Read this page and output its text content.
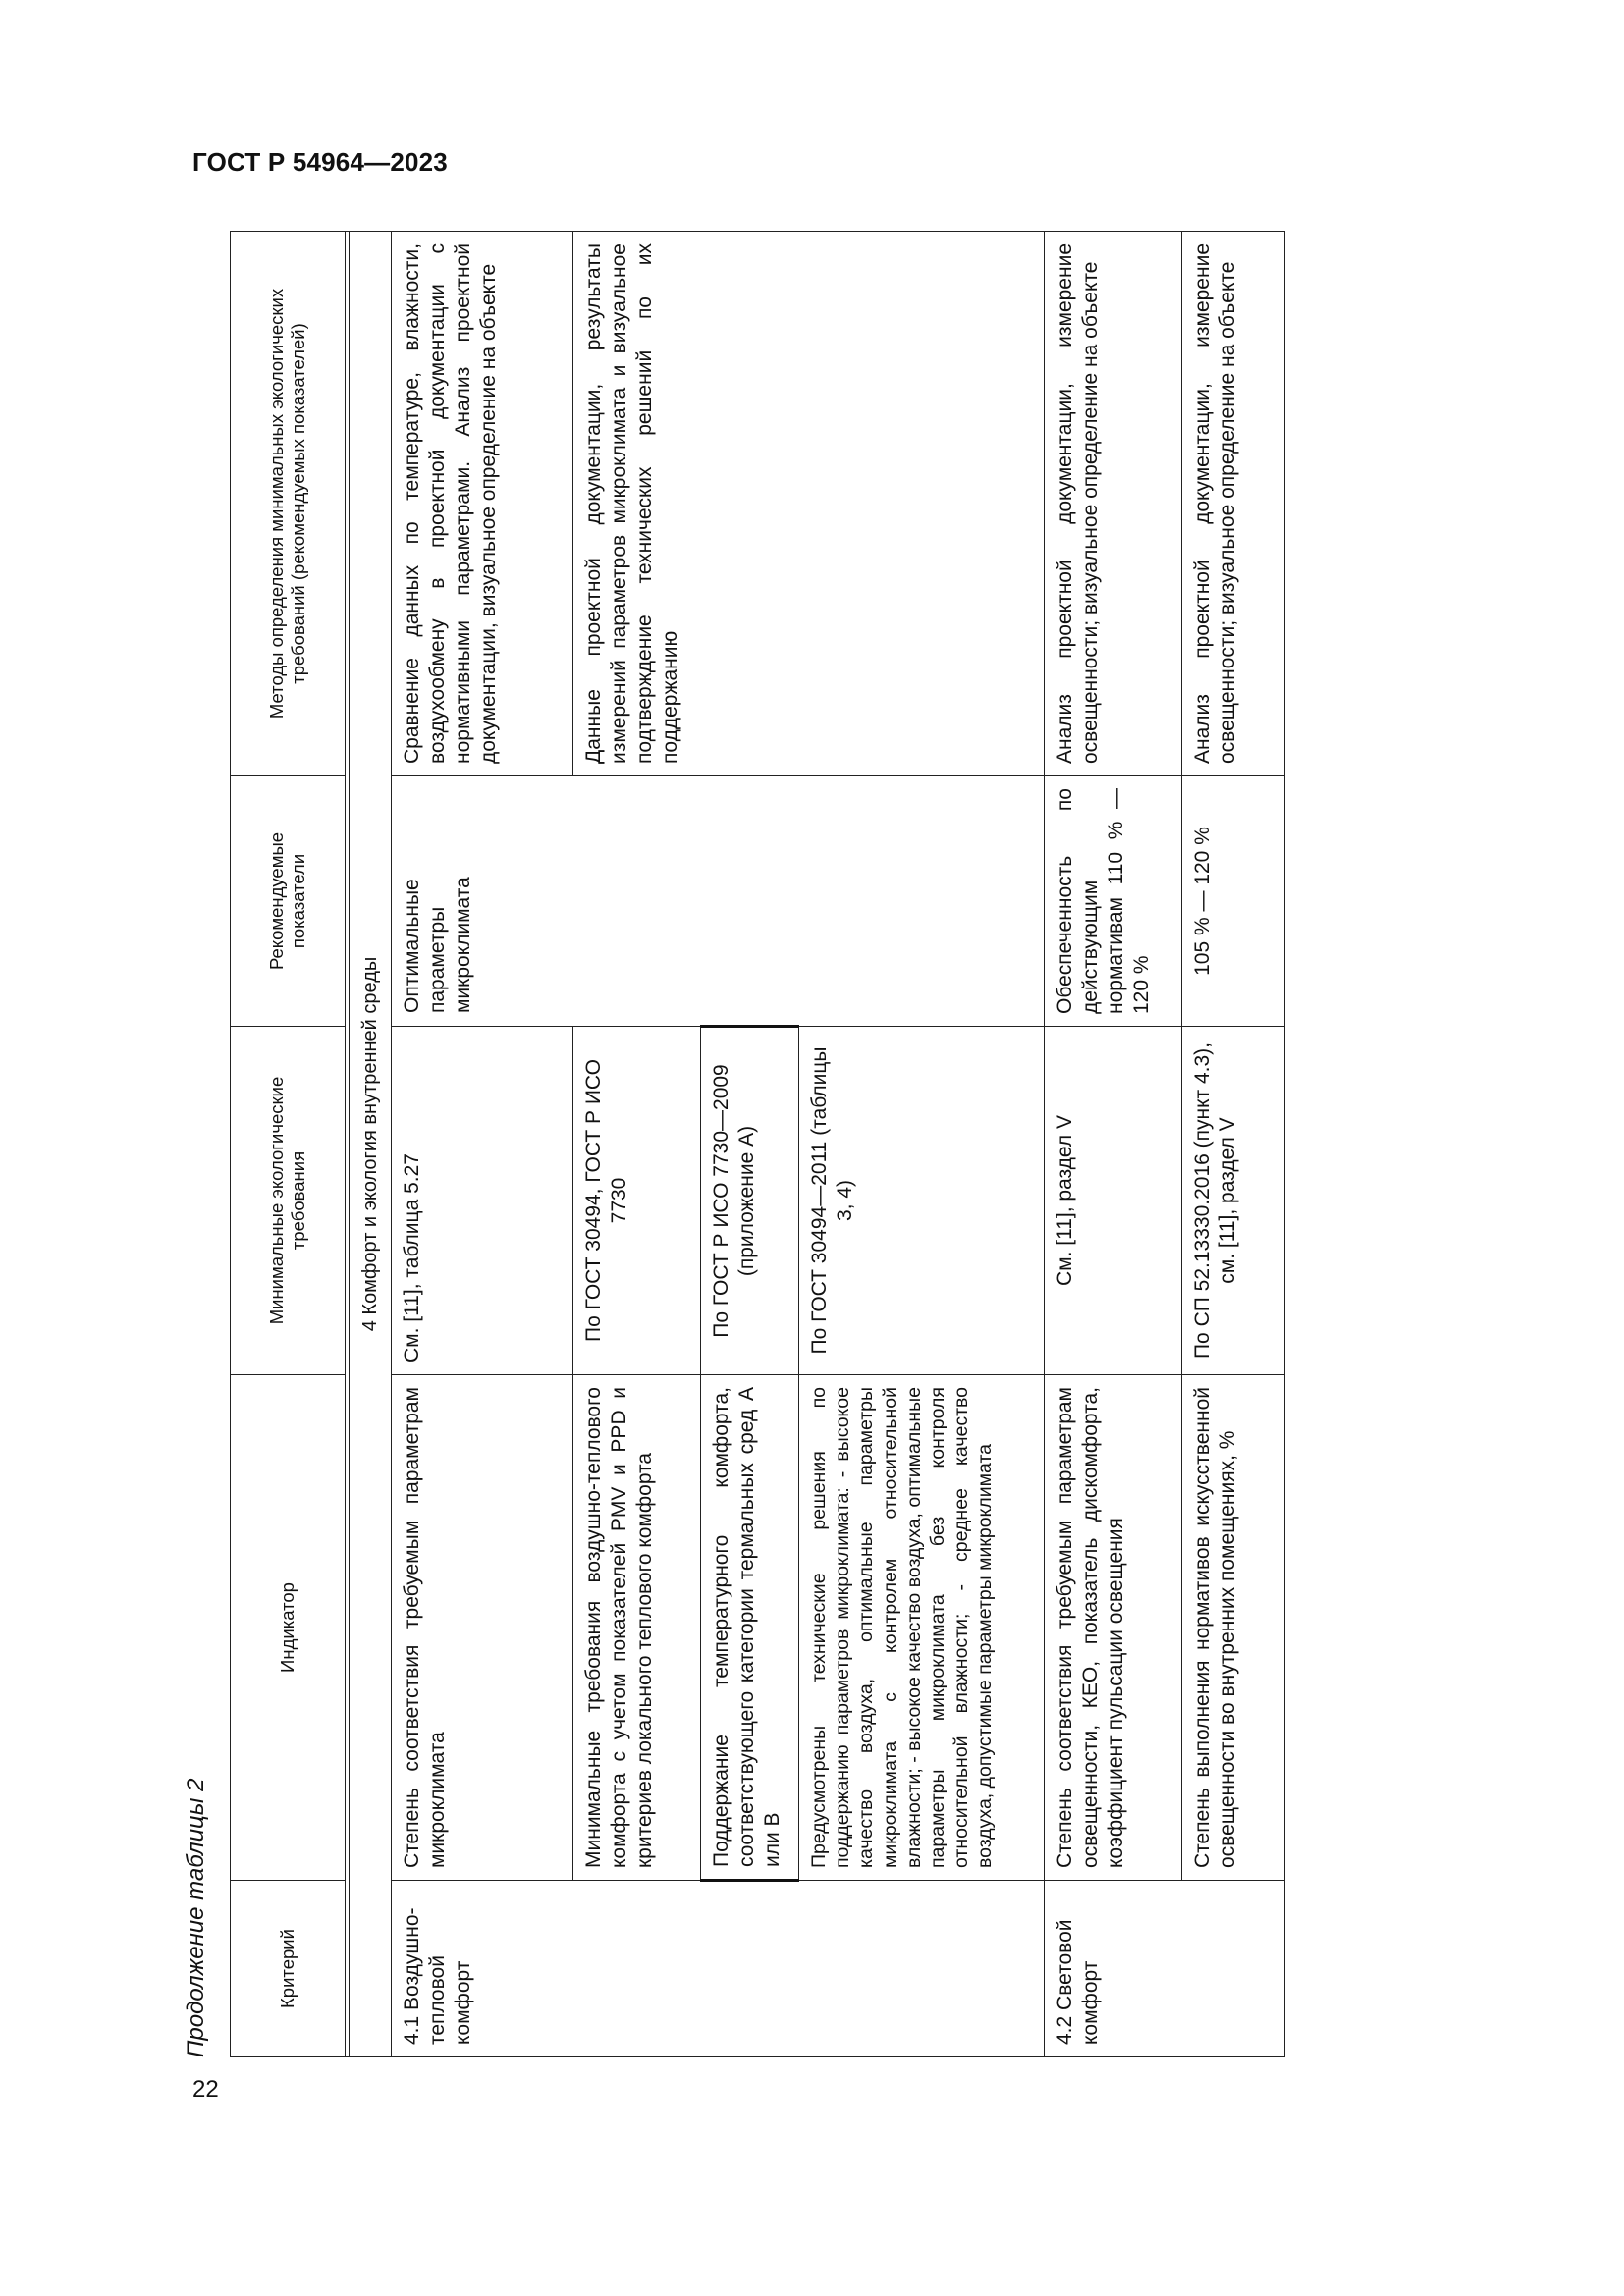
ГОСТ Р 54964—2023
22
Продолжение таблицы 2	Критерий	Индикатор	Минимальные экологические требования	Рекомендуемые показатели	Методы определения минимальных экологических требований (рекомендуемых показателей)

4 Комфорт и экология внутренней среды				
4.1 Воздушно-тепловой комфорт	Степень соответствия требуемым параметрам микроклимата	См. [11], таблица 5.27	Оптимальные параметры микроклимата	Сравнение данных по температуре, влажности, воздухообмену в проектной документации с нормативными параметрами. Анализ проектной документации, визуальное определение на объекте
	Минимальные требования воздушно-теплового комфорта с учетом показателей PMV и PPD и критериев локального теплового комфорта	По ГОСТ 30494, ГОСТ Р ИСО 7730		Данные проектной документации, результаты измерений параметров микроклимата и визуальное подтверждение технических решений по их поддержанию
	Поддержание температурного комфорта, соответствующего категории термальных сред А или В	По ГОСТ Р ИСО 7730—2009 (приложение А)		
	Предусмотрены технические решения по поддержанию параметров микроклимата: - высокое качество воздуха, оптимальные параметры микроклимата с контролем относительной влажности; - высокое качество воздуха, оптимальные параметры микроклимата без контроля относительной влажности; - среднее качество воздуха, допустимые параметры микроклимата	По ГОСТ 30494—2011 (таблицы 3, 4)		
4.2 Световой комфорт	Степень соответствия требуемым параметрам освещенности, КЕО, показатель дискомфорта, коэффициент пульсации освещения	См. [11], раздел V	Обеспеченность по действующим нормативам 110 % — 120 %	Анализ проектной документации, измерение освещенности; визуальное определение на объекте
	Степень выполнения нормативов искусственной освещенности во внутренних помещениях, %	По СП 52.13330.2016 (пункт 4.3), см. [11], раздел V	105 % — 120 %	Анализ проектной документации, измерение освещенности; визуальное определение на объекте
